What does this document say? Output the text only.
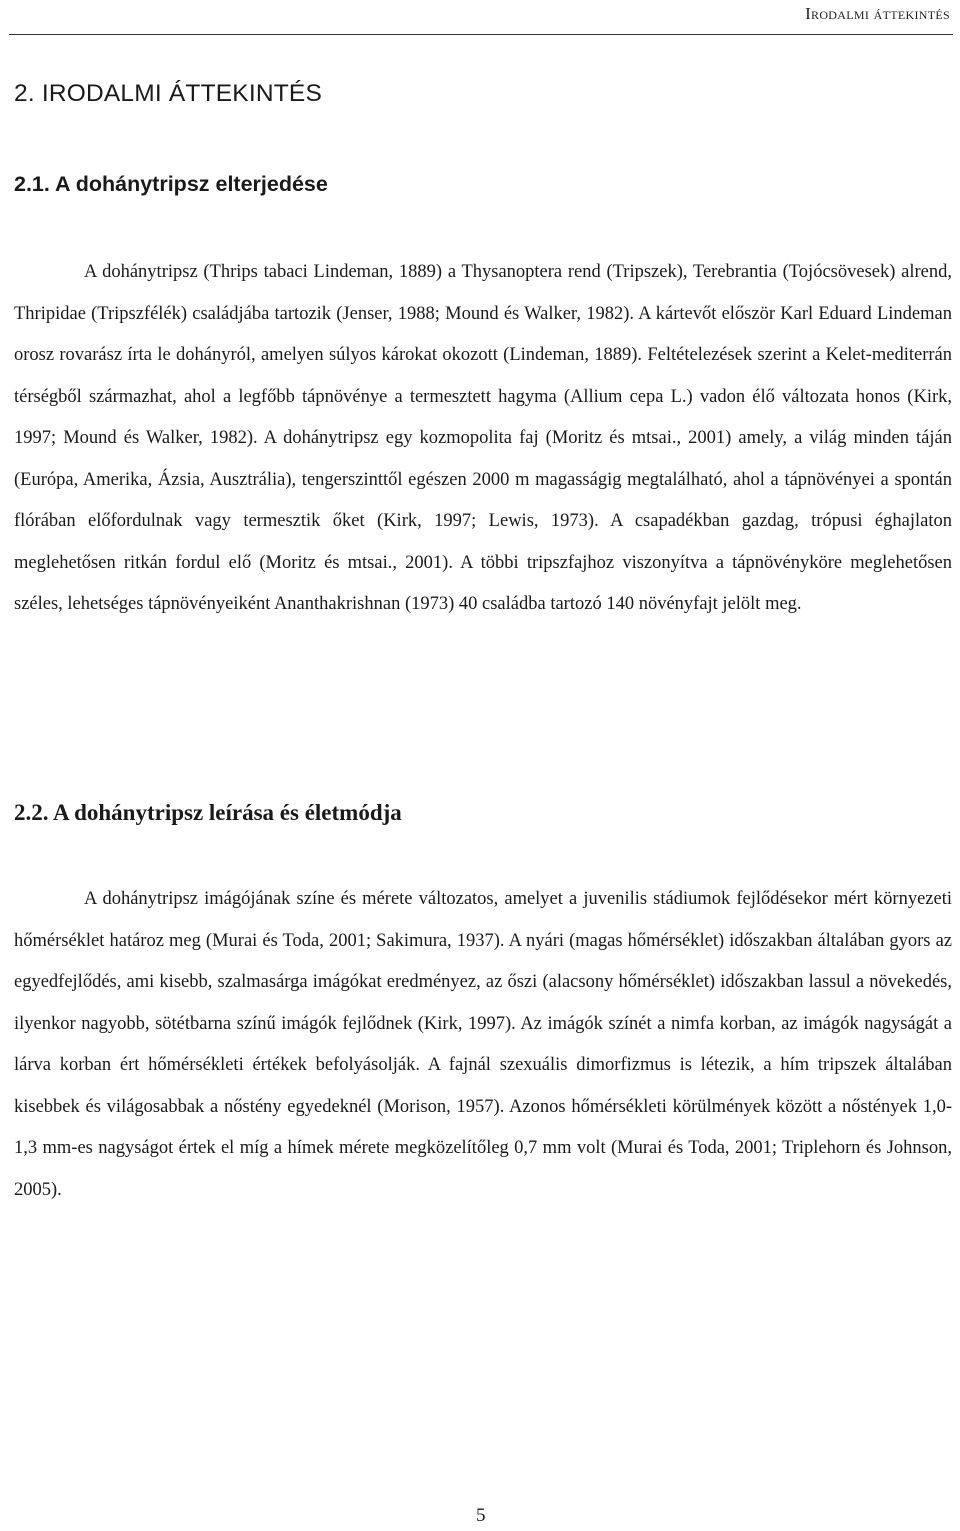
Irodalmi áttekintés
2. IRODALMI ÁTTEKINTÉS
2.1. A dohánytripsz elterjedése

A dohánytripsz (Thrips tabaci Lindeman, 1889) a Thysanoptera rend (Tripszek), Terebrantia (Tojócsövesek) alrend, Thripidae (Tripszfélék) családjába tartozik (Jenser, 1988; Mound és Walker, 1982). A kártevőt először Karl Eduard Lindeman orosz rovarász írta le dohányról, amelyen súlyos károkat okozott (Lindeman, 1889). Feltételezések szerint a Kelet-mediterrán térségből származhat, ahol a legfőbb tápnövénye a termesztett hagyma (Allium cepa L.) vadon élő változata honos (Kirk, 1997; Mound és Walker, 1982). A dohánytripsz egy kozmopolita faj (Moritz és mtsai., 2001) amely, a világ minden táján (Európa, Amerika, Ázsia, Ausztrália), tengerszinttől egészen 2000 m magasságig megtalálható, ahol a tápnövényei a spontán flórában előfordulnak vagy termesztik őket (Kirk, 1997; Lewis, 1973). A csapadékban gazdag, trópusi éghajlaton meglehetősen ritkán fordul elő (Moritz és mtsai., 2001). A többi tripszfajhoz viszonyítva a tápnövényköre meglehetősen széles, lehetséges tápnövényeiként Ananthakrishnan (1973) 40 családba tartozó 140 növényfajt jelölt meg.

2.2. A dohánytripsz leírása és életmódja

A dohánytripsz imágójának színe és mérete változatos, amelyet a juvenilis stádiumok fejlődésekor mért környezeti hőmérséklet határoz meg (Murai és Toda, 2001; Sakimura, 1937). A nyári (magas hőmérséklet) időszakban általában gyors az egyedfejlődés, ami kisebb, szalmasárga imágókat eredményez, az őszi (alacsony hőmérséklet) időszakban lassul a növekedés, ilyenkor nagyobb, sötétbarna színű imágók fejlődnek (Kirk, 1997). Az imágók színét a nimfa korban, az imágók nagyságát a lárva korban ért hőmérsékleti értékek befolyásolják. A fajnál szexuális dimorfizmus is létezik, a hím tripszek általában kisebbek és világosabbak a nőstény egyedeknél (Morison, 1957). Azonos hőmérsékleti körülmények között a nőstények 1,0-1,3 mm-es nagyságot értek el míg a hímek mérete megközelítőleg 0,7 mm volt (Murai és Toda, 2001; Triplehorn és Johnson, 2005).

5
